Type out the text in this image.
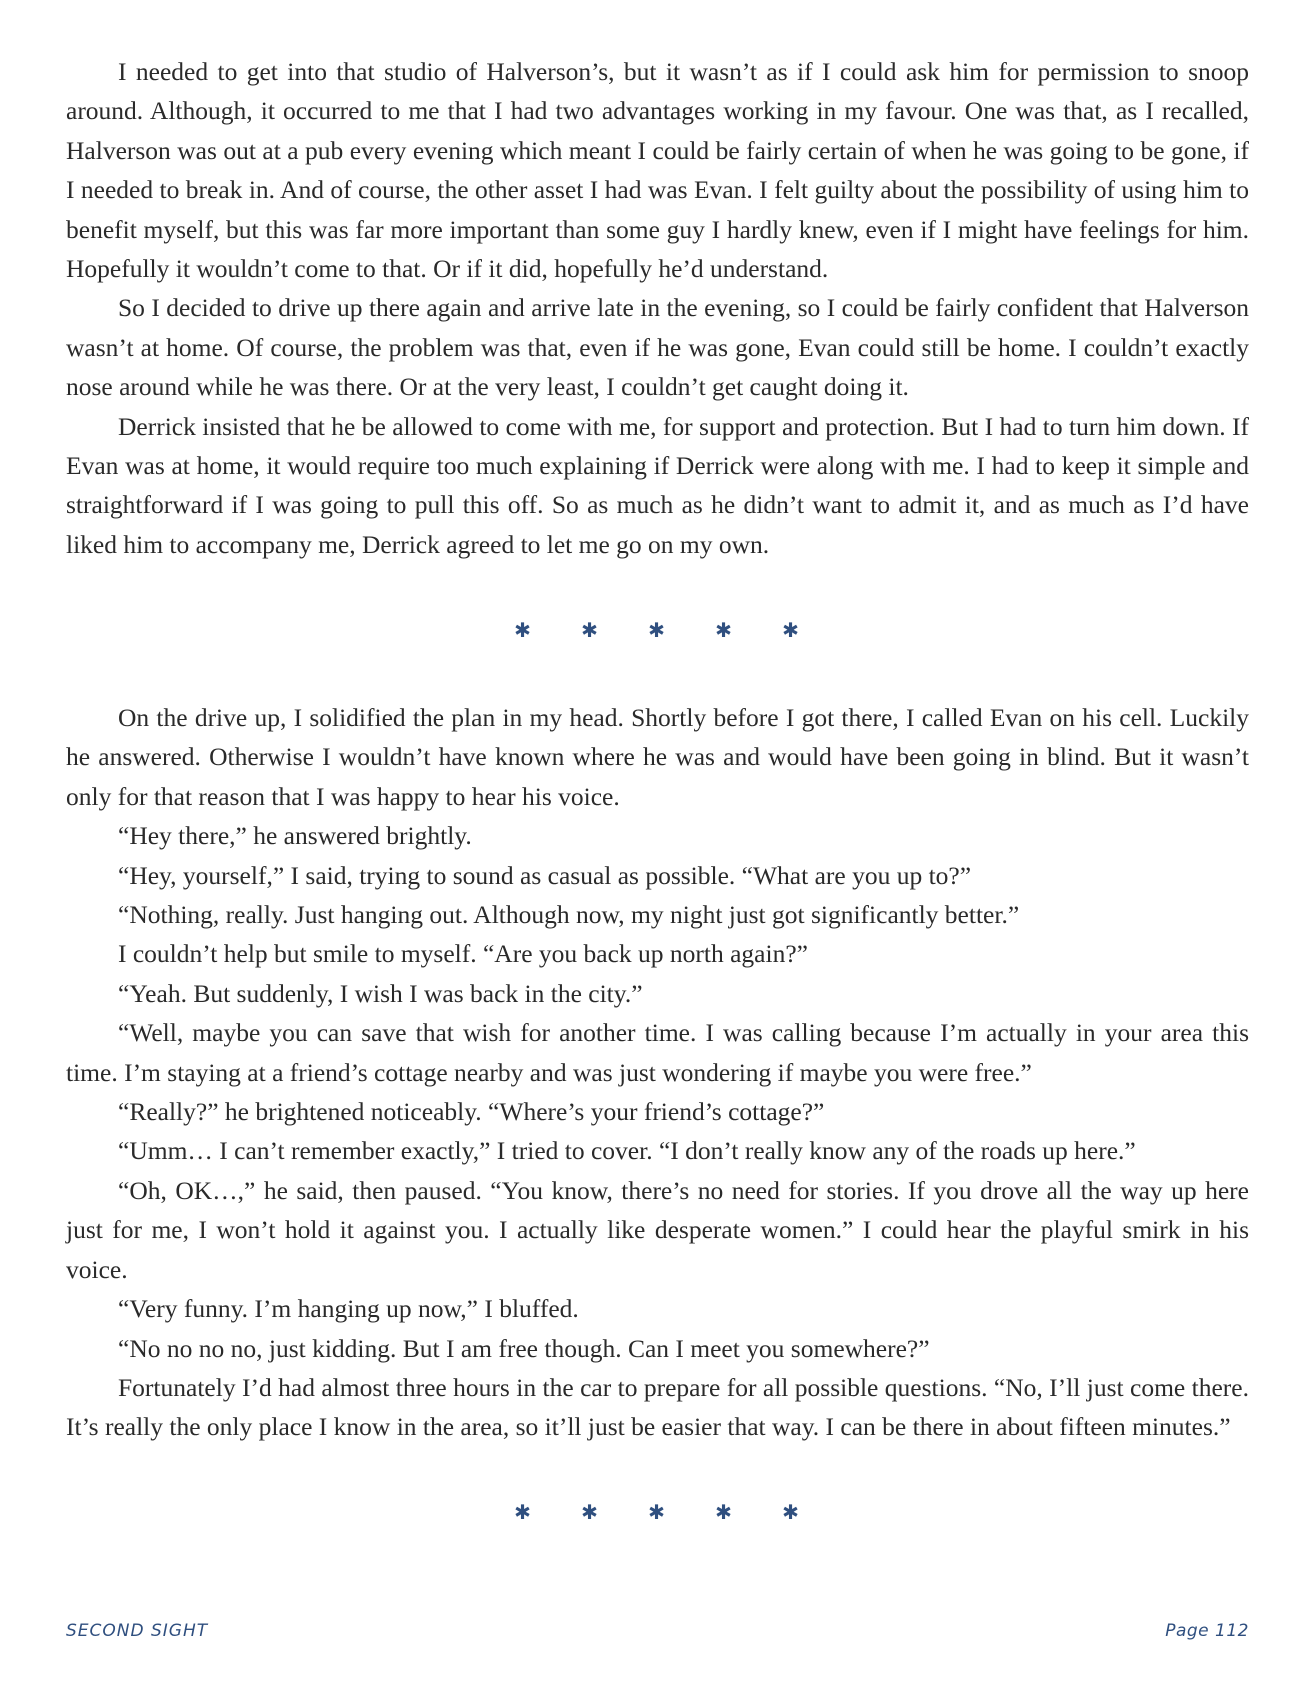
I needed to get into that studio of Halverson’s, but it wasn’t as if I could ask him for permission to snoop around. Although, it occurred to me that I had two advantages working in my favour. One was that, as I recalled, Halverson was out at a pub every evening which meant I could be fairly certain of when he was going to be gone, if I needed to break in. And of course, the other asset I had was Evan. I felt guilty about the possibility of using him to benefit myself, but this was far more important than some guy I hardly knew, even if I might have feelings for him. Hopefully it wouldn’t come to that. Or if it did, hopefully he’d understand.

So I decided to drive up there again and arrive late in the evening, so I could be fairly confident that Halverson wasn’t at home. Of course, the problem was that, even if he was gone, Evan could still be home. I couldn’t exactly nose around while he was there. Or at the very least, I couldn’t get caught doing it.

Derrick insisted that he be allowed to come with me, for support and protection. But I had to turn him down. If Evan was at home, it would require too much explaining if Derrick were along with me. I had to keep it simple and straightforward if I was going to pull this off. So as much as he didn’t want to admit it, and as much as I’d have liked him to accompany me, Derrick agreed to let me go on my own.

✱	✱	✱	✱	✱

On the drive up, I solidified the plan in my head. Shortly before I got there, I called Evan on his cell. Luckily he answered. Otherwise I wouldn’t have known where he was and would have been going in blind. But it wasn’t only for that reason that I was happy to hear his voice.

“Hey there,” he answered brightly.

“Hey, yourself,” I said, trying to sound as casual as possible. “What are you up to?”

“Nothing, really. Just hanging out. Although now, my night just got significantly better.”

I couldn’t help but smile to myself. “Are you back up north again?”

“Yeah. But suddenly, I wish I was back in the city.”

“Well, maybe you can save that wish for another time. I was calling because I’m actually in your area this time. I’m staying at a friend’s cottage nearby and was just wondering if maybe you were free.”

“Really?” he brightened noticeably. “Where’s your friend’s cottage?”

“Umm… I can’t remember exactly,” I tried to cover. “I don’t really know any of the roads up here.”

“Oh, OK…,” he said, then paused. “You know, there’s no need for stories. If you drove all the way up here just for me, I won’t hold it against you. I actually like desperate women.” I could hear the playful smirk in his voice.

“Very funny. I’m hanging up now,” I bluffed.

“No no no no, just kidding. But I am free though. Can I meet you somewhere?”

Fortunately I’d had almost three hours in the car to prepare for all possible questions. “No, I’ll just come there. It’s really the only place I know in the area, so it’ll just be easier that way. I can be there in about fifteen minutes.”

✱	✱	✱	✱	✱
SECOND SIGHT	Page 112
